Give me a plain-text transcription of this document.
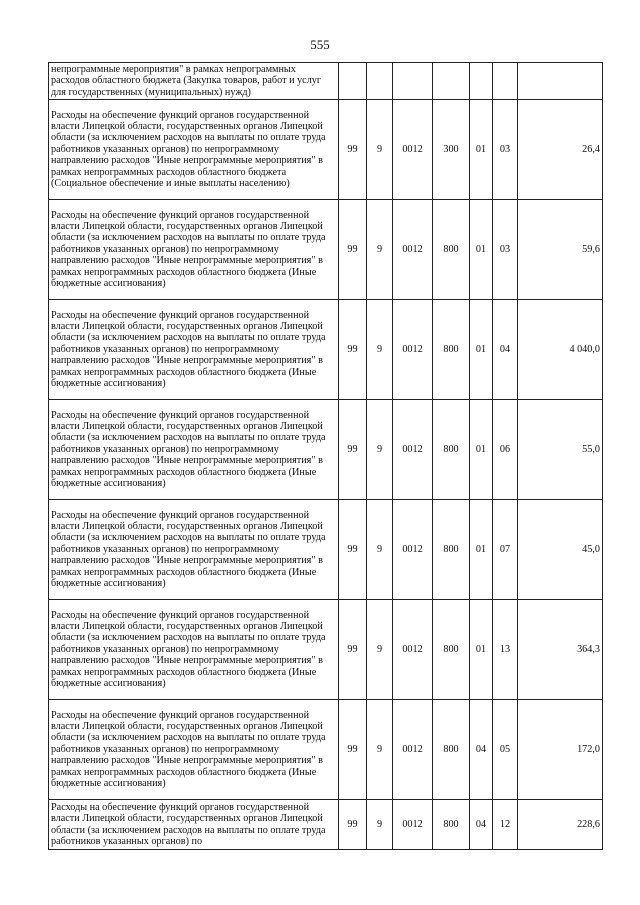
555
непрограммные мероприятия" в рамках непрограммных расходов областного бюджета (Закупка товаров, работ и услуг для государственных (муниципальных) нужд)							
Расходы на обеспечение функций органов государственной власти Липецкой области, государственных органов Липецкой области (за исключением расходов на выплаты по оплате труда работников указанных органов) по непрограммному направлению расходов "Иные непрограммные мероприятия" в рамках непрограммных расходов областного бюджета (Социальное обеспечение и иные выплаты населению)	99	9	0012	300	01	03	26,4
Расходы на обеспечение функций органов государственной власти Липецкой области, государственных органов Липецкой области (за исключением расходов на выплаты по оплате труда работников указанных органов) по непрограммному направлению расходов "Иные непрограммные мероприятия" в рамках непрограммных расходов областного бюджета (Иные бюджетные ассигнования)	99	9	0012	800	01	03	59,6
Расходы на обеспечение функций органов государственной власти Липецкой области, государственных органов Липецкой области (за исключением расходов на выплаты по оплате труда работников указанных органов) по непрограммному направлению расходов "Иные непрограммные мероприятия" в рамках непрограммных расходов областного бюджета (Иные бюджетные ассигнования)	99	9	0012	800	01	04	4 040,0
Расходы на обеспечение функций органов государственной власти Липецкой области, государственных органов Липецкой области (за исключением расходов на выплаты по оплате труда работников указанных органов) по непрограммному направлению расходов "Иные непрограммные мероприятия" в рамках непрограммных расходов областного бюджета (Иные бюджетные ассигнования)	99	9	0012	800	01	06	55,0
Расходы на обеспечение функций органов государственной власти Липецкой области, государственных органов Липецкой области (за исключением расходов на выплаты по оплате труда работников указанных органов) по непрограммному направлению расходов "Иные непрограммные мероприятия" в рамках непрограммных расходов областного бюджета (Иные бюджетные ассигнования)	99	9	0012	800	01	07	45,0
Расходы на обеспечение функций органов государственной власти Липецкой области, государственных органов Липецкой области (за исключением расходов на выплаты по оплате труда работников указанных органов) по непрограммному направлению расходов "Иные непрограммные мероприятия" в рамках непрограммных расходов областного бюджета (Иные бюджетные ассигнования)	99	9	0012	800	01	13	364,3
Расходы на обеспечение функций органов государственной власти Липецкой области, государственных органов Липецкой области (за исключением расходов на выплаты по оплате труда работников указанных органов) по непрограммному направлению расходов "Иные непрограммные мероприятия" в рамках непрограммных расходов областного бюджета (Иные бюджетные ассигнования)	99	9	0012	800	04	05	172,0
Расходы на обеспечение функций органов государственной власти Липецкой области, государственных органов Липецкой области (за исключением расходов на выплаты по оплате труда работников указанных органов) по	99	9	0012	800	04	12	228,6
